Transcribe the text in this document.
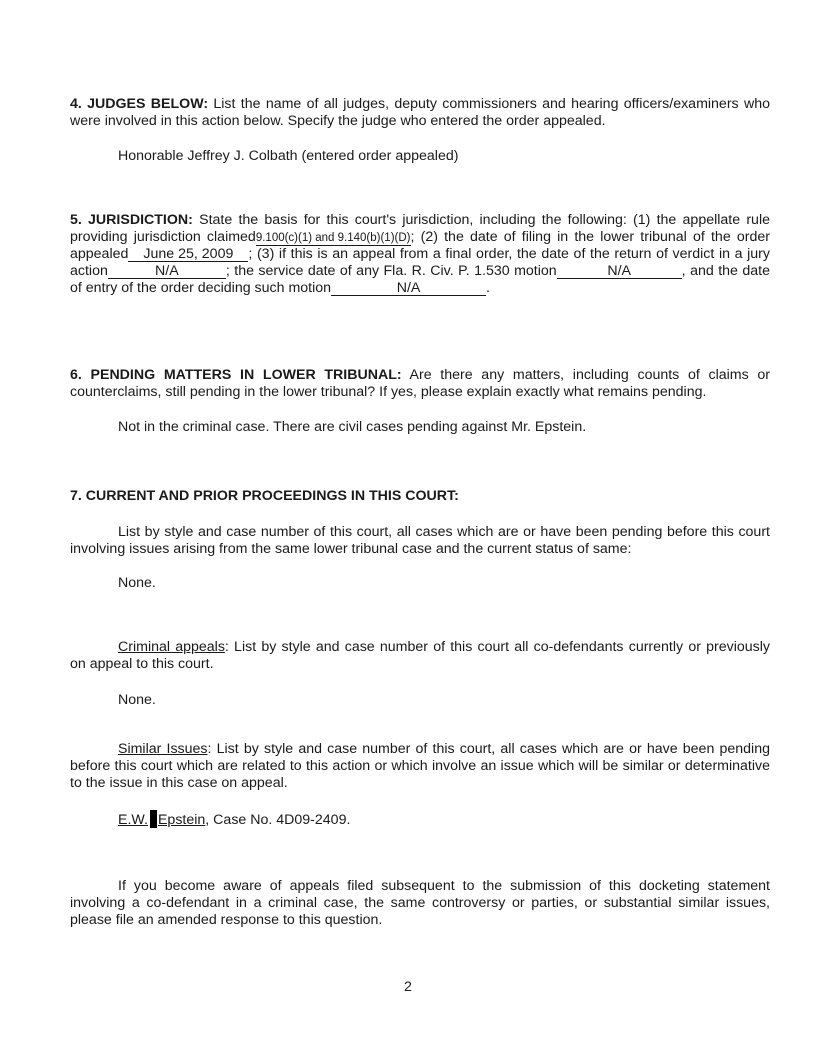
4. JUDGES BELOW: List the name of all judges, deputy commissioners and hearing officers/examiners who were involved in this action below. Specify the judge who entered the order appealed.

Honorable Jeffrey J. Colbath (entered order appealed)

5. JURISDICTION: State the basis for this court's jurisdiction, including the following: (1) the appellate rule providing jurisdiction claimed9.100(c)(1) and 9.140(b)(1)(D); (2) the date of filing in the lower tribunal of the order appealed June 25, 2009 ; (3) if this is an appeal from a final order, the date of the return of verdict in a jury action	N/A	; the service date of any Fla. R. Civ. P. 1.530 motion	N/A	, and the date of entry of the order deciding such motion	N/A	.

6. PENDING MATTERS IN LOWER TRIBUNAL: Are there any matters, including counts of claims or counterclaims, still pending in the lower tribunal? If yes, please explain exactly what remains pending.

Not in the criminal case. There are civil cases pending against Mr. Epstein.

7. CURRENT AND PRIOR PROCEEDINGS IN THIS COURT:

List by style and case number of this court, all cases which are or have been pending before this court involving issues arising from the same lower tribunal case and the current status of same:

None.

Criminal appeals: List by style and case number of this court all co-defendants currently or previously on appeal to this court.

None.

Similar Issues: List by style and case number of this court, all cases which are or have been pending before this court which are related to this action or which involve an issue which will be similar or determinative to the issue in this case on appeal.

E.W. Epstein, Case No. 4D09-2409.

If you become aware of appeals filed subsequent to the submission of this docketing statement involving a co-defendant in a criminal case, the same controversy or parties, or substantial similar issues, please file an amended response to this question.

2
